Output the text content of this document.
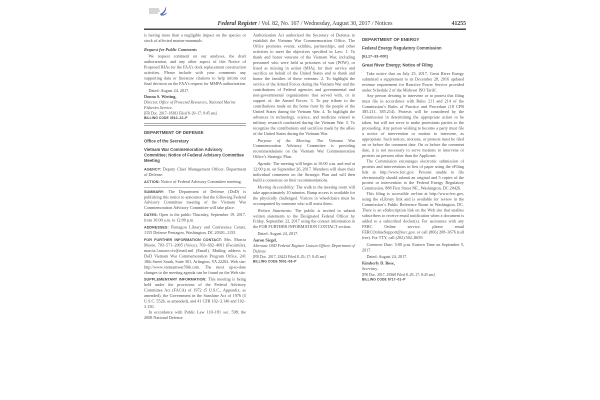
Federal Register / Vol. 82, No. 167 / Wednesday, August 30, 2017 / Notices	41255
is having more than a negligible impact on the species or stock of affected marine mammals.
Request for Public Comments
We request comment on our analyses, the draft authorization, and any other aspect of this Notice of Proposed IHAs for the FAA’s dock replacement construction activities. Please include with your comments any supporting data or literature citations to help inform our final decision on the FAA’s request for MMPA authorization.
Dated: August 24, 2017.
Donna S. Wieting,
Director, Office of Protected Resources, National Marine Fisheries Service.
[FR Doc. 2017–18383 Filed 8–29–17; 8:45 am]
BILLING CODE 3510–22–P
DEPARTMENT OF DEFENSE
Office of the Secretary
Vietnam War Commemoration Advisory Committee; Notice of Federal Advisory Committee Meeting
AGENCY: Deputy Chief Management Officer, Department of Defense.
ACTION: Notice of Federal Advisory Committee meeting.
SUMMARY: The Department of Defense (DoD) is publishing this notice to announce that the following Federal Advisory Committee meeting of the Vietnam War Commemoration Advisory Committee will take place.
DATES: Open to the public Thursday, September 19, 2017, from 10:00 a.m. to 12:00 p.m.
ADDRESSES: Pentagon Library and Conference Center, 1155 Defense Pentagon, Washington, DC 20301–1155.
FOR FURTHER INFORMATION CONTACT: Mrs. Marcia Moore, 703–571–2005 (Voice), 703–692–4691 (Facsimile), marcia.l.moore.civ@mail.mil (Email). Mailing address is DoD Vietnam War Commemoration Program Office, 241 18th Street South, Suite 301, Arlington, VA 22202. Web site: http://www.vietnamwar50th.com. The most up-to-date changes to the meeting agenda can be found on the Web site.
SUPPLEMENTARY INFORMATION: This meeting is being held under the provisions of the Federal Advisory Committee Act (FACA) of 1972 (5 U.S.C., Appendix, as amended), the Government in the Sunshine Act of 1976 (5 U.S.C. 552b, as amended), and 41 CFR 102–3.140 and 102–3.150.
In accordance with Public Law 110–181 sec. 598, the 2008 National Defense
Authorization Act authorized the Secretary of Defense to establish the Vietnam War Commemoration Office. The Office promotes events, exhibits, partnerships, and other activities to meet the objectives specified in Law: 1. To thank and honor veterans of the Vietnam War, including personnel who were held as prisoners of war (POW), or listed as missing in action (MIA), for their service and sacrifice on behalf of the United States and to thank and honor the families of these veterans. 2. To highlight the service of the Armed Forces during the Vietnam War and the contributions of Federal agencies and governmental and non-governmental organizations that served with, or in support of, the Armed Forces. 3. To pay tribute to the contributions made on the home front by the people of the United States during the Vietnam War. 4. To highlight the advances in technology, science, and medicine related to military research conducted during the Vietnam War. 5. To recognize the contributions and sacrifices made by the allies of the United States during the Vietnam War.
Purpose of the Meeting: The Vietnam War Commemoration Advisory Committee is providing recommendations on the Vietnam War Commemoration Office’s Strategic Plan.
Agenda: The meeting will begin at 10:00 a.m. and end at 12:00 p.m. on September 26, 2017. Members will share their individual comments on the Strategic Plan and will then build a consensus on their recommendations.
Meeting Accessibility: The walk to the meeting room will take approximately 10 minutes. Ramp access is available for the physically challenged. Visitors in wheelchairs must be accompanied by someone who will assist them.
Written Statements: The public is invited to submit written statements to the Designated Federal Officer by Friday, September 22, 2017 using the contact information in the FOR FURTHER INFORMATION CONTACT section.
Dated: August 24, 2017.
Aaron Siegel,
Alternate OSD Federal Register Liaison Officer, Department of Defense.
[FR Doc. 2017–18423 Filed 8–29–17; 8:45 am]
BILLING CODE 5001–06–P
DEPARTMENT OF ENERGY
Federal Energy Regulatory Commission
[EL17–33–000]
Great River Energy; Notice of Filing
Take notice that on July 25, 2017, Great River Energy submitted a supplement to its December 28, 2016 updated revenue requirement for Reactive Power Service provided under Schedule 2 of the Midwest ISO Tariff.
Any person desiring to intervene or to protest this filing must file in accordance with Rules 211 and 214 of the Commission’s Rules of Practice and Procedure (18 CFR 385.211, 385.214). Protests will be considered by the Commission in determining the appropriate action to be taken, but will not serve to make protestants parties to the proceeding. Any person wishing to become a party must file a notice of intervention or motion to intervene, as appropriate. Such notices, motions, or protests must be filed on or before the comment date. On or before the comment date, it is not necessary to serve motions to intervene or protests on persons other than the Applicant.
The Commission encourages electronic submission of protests and interventions in lieu of paper using the eFiling link at http://www.ferc.gov. Persons unable to file electronically should submit an original and 5 copies of the protest or intervention to the Federal Energy Regulatory Commission, 888 First Street NE., Washington, DC 20426.
This filing is accessible on-line at http://www.ferc.gov, using the eLibrary link and is available for review in the Commission’s Public Reference Room in Washington, DC. There is an eSubscription link on the Web site that enables subscribers to receive email notification when a document is added to a subscribed docket(s). For assistance with any FERC Online service, please email FERCOnlineSupport@ferc.gov, or call (866) 208–3676 (toll free). For TTY, call (202) 502–8659.
Comment Date: 5:00 p.m. Eastern Time on September 5, 2017.
Dated: August 24, 2017.
Kimberly D. Bose,
Secretary.
[FR Doc. 2017–18368 Filed 8–29–17; 8:45 am]
BILLING CODE 6717–01–P
